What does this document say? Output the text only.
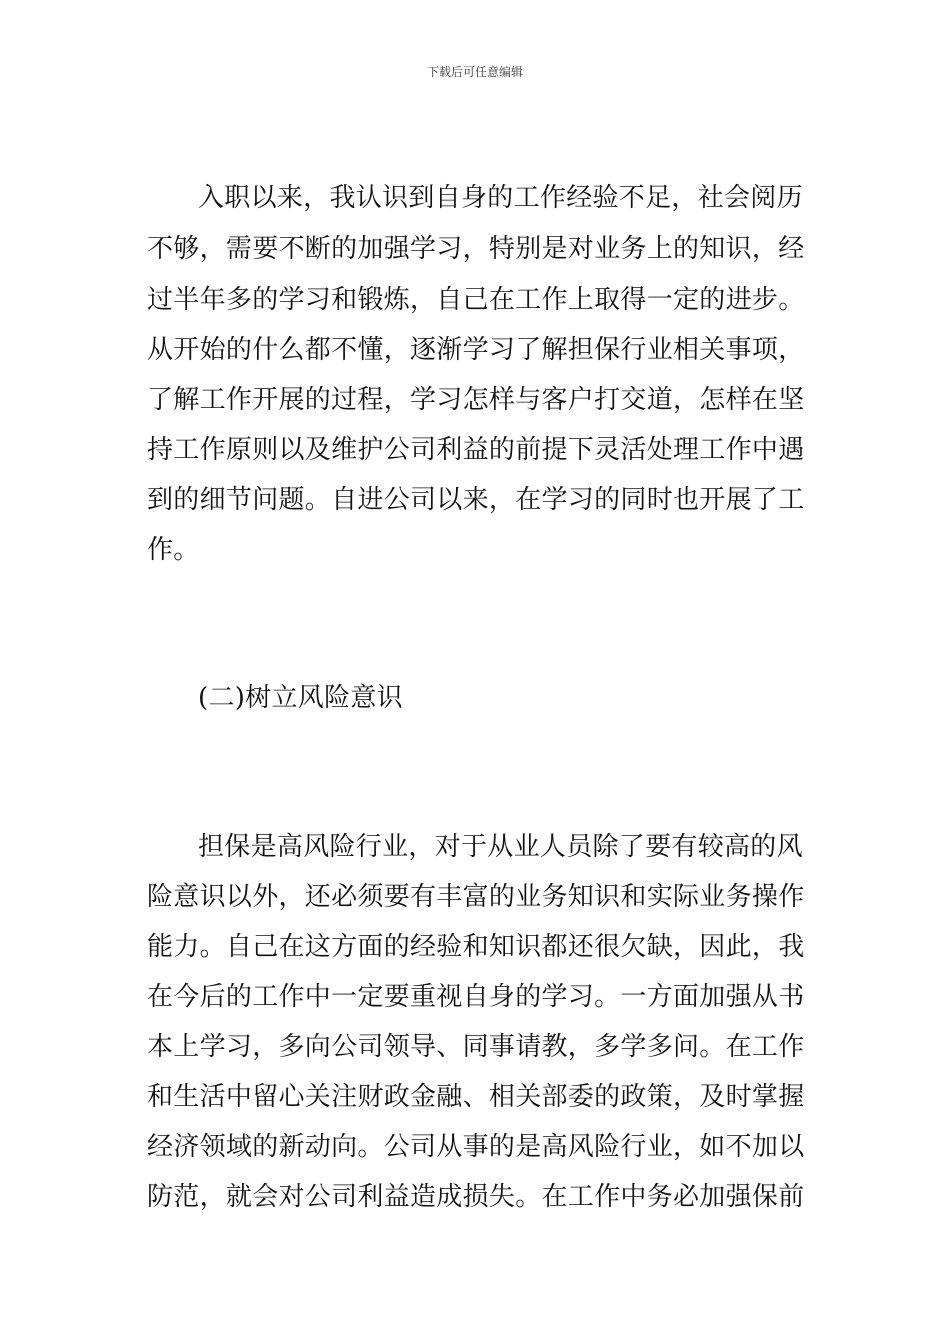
下载后可任意编辑
入职以来，我认识到自身的工作经验不足，社会阅历
不够，需要不断的加强学习，特别是对业务上的知识，经
过半年多的学习和锻炼，自己在工作上取得一定的进步。
从开始的什么都不懂，逐渐学习了解担保行业相关事项，
了解工作开展的过程，学习怎样与客户打交道，怎样在坚
持工作原则以及维护公司利益的前提下灵活处理工作中遇
到的细节问题。自进公司以来，在学习的同时也开展了工
作。
(二)树立风险意识
担保是高风险行业，对于从业人员除了要有较高的风
险意识以外，还必须要有丰富的业务知识和实际业务操作
能力。自己在这方面的经验和知识都还很欠缺，因此，我
在今后的工作中一定要重视自身的学习。一方面加强从书
本上学习，多向公司领导、同事请教，多学多问。在工作
和生活中留心关注财政金融、相关部委的政策，及时掌握
经济领域的新动向。公司从事的是高风险行业，如不加以
防范，就会对公司利益造成损失。在工作中务必加强保前
